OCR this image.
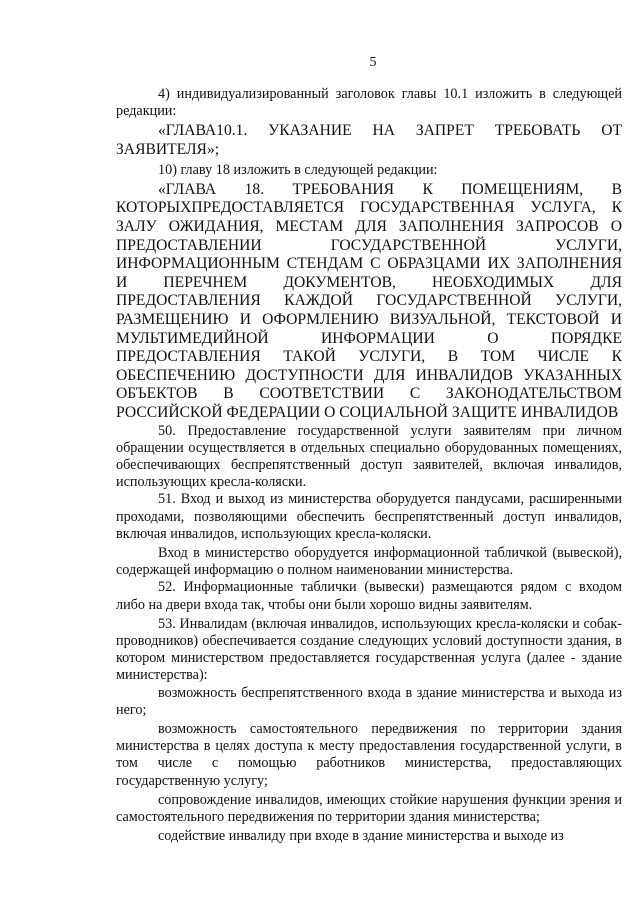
5

4) индивидуализированный заголовок главы 10.1 изложить в следующей редакции:

«ГЛАВА10.1. УКАЗАНИЕ НА ЗАПРЕТ ТРЕБОВАТЬ ОТ ЗАЯВИТЕЛЯ»;

10) главу 18 изложить в следующей редакции:

«ГЛАВА 18. ТРЕБОВАНИЯ К ПОМЕЩЕНИЯМ, В КОТОРЫХПРЕДОСТАВЛЯЕТСЯ ГОСУДАРСТВЕННАЯ УСЛУГА, К ЗАЛУ ОЖИДАНИЯ, МЕСТАМ ДЛЯ ЗАПОЛНЕНИЯ ЗАПРОСОВ О ПРЕДОСТАВЛЕНИИ ГОСУДАРСТВЕННОЙ УСЛУГИ, ИНФОРМАЦИОННЫМ СТЕНДАМ С ОБРАЗЦАМИ ИХ ЗАПОЛНЕНИЯ И ПЕРЕЧНЕМ ДОКУМЕНТОВ, НЕОБХОДИМЫХ ДЛЯ ПРЕДОСТАВЛЕНИЯ КАЖДОЙ ГОСУДАРСТВЕННОЙ УСЛУГИ, РАЗМЕЩЕНИЮ И ОФОРМЛЕНИЮ ВИЗУАЛЬНОЙ, ТЕКСТОВОЙ И МУЛЬТИМЕДИЙНОЙ ИНФОРМАЦИИ О ПОРЯДКЕ ПРЕДОСТАВЛЕНИЯ ТАКОЙ УСЛУГИ, В ТОМ ЧИСЛЕ К ОБЕСПЕЧЕНИЮ ДОСТУПНОСТИ ДЛЯ ИНВАЛИДОВ УКАЗАННЫХ ОБЪЕКТОВ В СООТВЕТСТВИИ С ЗАКОНОДАТЕЛЬСТВОМ РОССИЙСКОЙ ФЕДЕРАЦИИ О СОЦИАЛЬНОЙ ЗАЩИТЕ ИНВАЛИДОВ

50. Предоставление государственной услуги заявителям при личном обращении осуществляется в отдельных специально оборудованных помещениях, обеспечивающих беспрепятственный доступ заявителей, включая инвалидов, использующих кресла-коляски.

51. Вход и выход из министерства оборудуется пандусами, расширенными проходами, позволяющими обеспечить беспрепятственный доступ инвалидов, включая инвалидов, использующих кресла-коляски.

Вход в министерство оборудуется информационной табличкой (вывеской), содержащей информацию о полном наименовании министерства.

52. Информационные таблички (вывески) размещаются рядом с входом либо на двери входа так, чтобы они были хорошо видны заявителям.

53. Инвалидам (включая инвалидов, использующих кресла-коляски и собак-проводников) обеспечивается создание следующих условий доступности здания, в котором министерством предоставляется государственная услуга (далее - здание министерства):

возможность беспрепятственного входа в здание министерства и выхода из него;

возможность самостоятельного передвижения по территории здания министерства в целях доступа к месту предоставления государственной услуги, в том числе с помощью работников министерства, предоставляющих государственную услугу;

сопровождение инвалидов, имеющих стойкие нарушения функции зрения и самостоятельного передвижения по территории здания министерства;

содействие инвалиду при входе в здание министерства и выходе из
